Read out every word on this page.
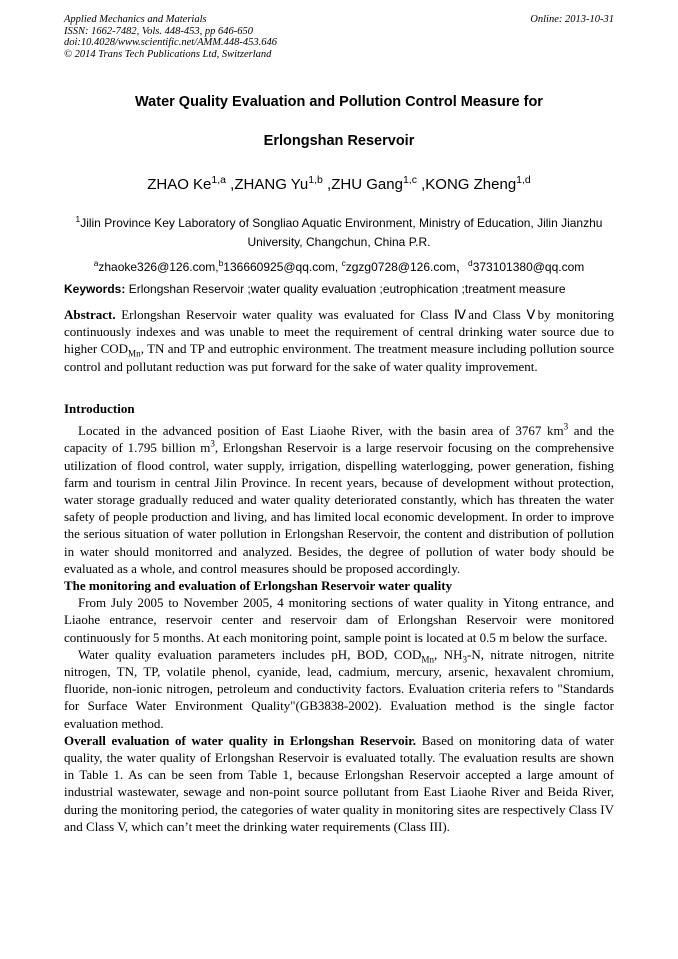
Applied Mechanics and Materials
ISSN: 1662-7482, Vols. 448-453, pp 646-650
doi:10.4028/www.scientific.net/AMM.448-453.646
© 2014 Trans Tech Publications Ltd, Switzerland
Online: 2013-10-31
Water Quality Evaluation and Pollution Control Measure for
Erlongshan Reservoir
ZHAO Ke$^{1,a}$ ,ZHANG Yu$^{1,b}$ ,ZHU Gang$^{1,c}$ ,KONG Zheng$^{1,d}$
$^1$Jilin Province Key Laboratory of Songliao Aquatic Environment, Ministry of Education, Jilin Jianzhu University, Changchun, China P.R.
$^a$zhaoke326@126.com,$^b$136660925@qq.com, $^c$zgzg0728@126.com，$^d$373101380@qq.com
Keywords: Erlongshan Reservoir ;water quality evaluation ;eutrophication ;treatment measure
Abstract. Erlongshan Reservoir water quality was evaluated for Class Ⅳand Class Ⅴby monitoring continuously indexes and was unable to meet the requirement of central drinking water source due to higher $COD_{Mn}$, TN and TP and eutrophic environment. The treatment measure including pollution source control and pollutant reduction was put forward for the sake of water quality improvement.

Introduction

Located in the advanced position of East Liaohe River, with the basin area of 3767 $km^3$ and the capacity of 1.795 billion $m^3$, Erlongshan Reservoir is a large reservoir focusing on the comprehensive utilization of flood control, water supply, irrigation, dispelling waterlogging, power generation, fishing farm and tourism in central Jilin Province. In recent years, because of development without protection, water storage gradually reduced and water quality deteriorated constantly, which has threaten the water safety of people production and living, and has limited local economic development. In order to improve the serious situation of water pollution in Erlongshan Reservoir, the content and distribution of pollution in water should monitorred and analyzed. Besides, the degree of pollution of water body should be evaluated as a whole, and control measures should be proposed accordingly.

The monitoring and evaluation of Erlongshan Reservoir water quality

From July 2005 to November 2005, 4 monitoring sections of water quality in Yitong entrance, and Liaohe entrance, reservoir center and reservoir dam of Erlongshan Reservoir were monitored continuously for 5 months. At each monitoring point, sample point is located at 0.5 m below the surface.

Water quality evaluation parameters includes pH, BOD, $COD_{Mn}$, $NH_3-N$, nitrate nitrogen, nitrite nitrogen, TN, TP, volatile phenol, cyanide, lead, cadmium, mercury, arsenic, hexavalent chromium, fluoride, non-ionic nitrogen, petroleum and conductivity factors. Evaluation criteria refers to "Standards for Surface Water Environment Quality"(GB3838-2002). Evaluation method is the single factor evaluation method.

Overall evaluation of water quality in Erlongshan Reservoir. Based on monitoring data of water quality, the water quality of Erlongshan Reservoir is evaluated totally. The evaluation results are shown in Table 1. As can be seen from Table 1, because Erlongshan Reservoir accepted a large amount of industrial wastewater, sewage and non-point source pollutant from East Liaohe River and Beida River, during the monitoring period, the categories of water quality in monitoring sites are respectively Class IV and Class V, which can’t meet the drinking water requirements (Class III).
